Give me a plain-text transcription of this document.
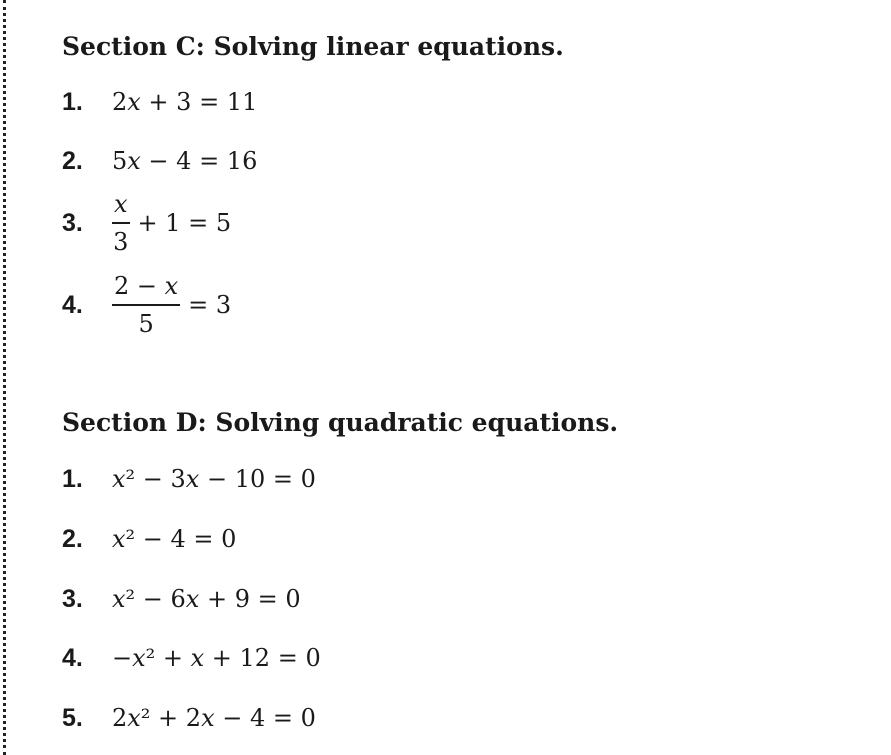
Section C: Solving linear equations.
1.	2𝑥 + 3 = 11
2.	5𝑥 − 4 = 16
3.	$\frac{\text{𝑥}}{3} + 1 = 5$
4.	$\frac{\text{2 − 𝑥}}{5} = 3$
Section D: Solving quadratic equations.
1.	𝑥² − 3𝑥 − 10 = 0
2.	𝑥² − 4 = 0
3.	𝑥² − 6𝑥 + 9 = 0
4.	−𝑥² + 𝑥 + 12 = 0
5.	2𝑥² + 2𝑥 − 4 = 0
